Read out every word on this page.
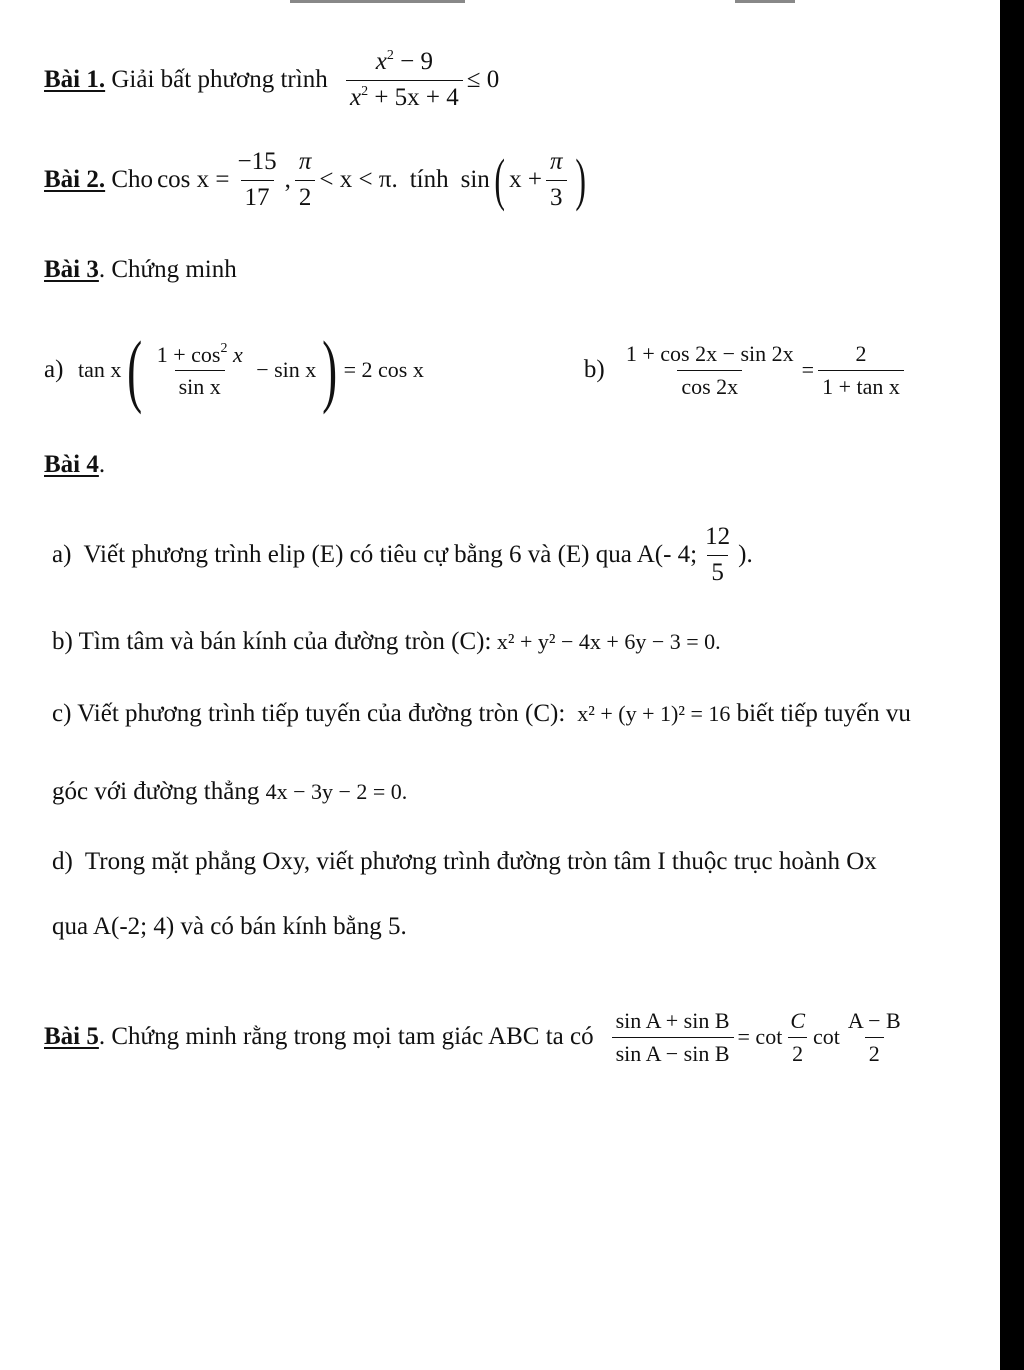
Bài 1. Giải bất phương trình $\frac{x^2 - 9}{x^2 + 5x + 4} \le 0$
Bài 2. Cho $\cos x = \frac{-15}{17}$ , $\frac{\pi}{2} < x < \pi$. tính sin ( $x + \frac{\pi}{3}$ )
Bài 3 . Chứng minh
a) tan x ( $\frac{1 + \cos^2 x}{\text{sin x}} - \sin x$ ) = 2 cos x	$b) \frac{1 + \cos 2x - \sin 2x}{\cos 2x} = \frac{2}{\text{1 + tan x}}$
Bài 4 .
a)  Viết phương trình elip (E) có tiêu cự bằng 6 và (E) qua A(- 4; $\frac{12}{5}$ ).
b) Tìm tâm và bán kính của đường tròn (C): x² + y² − 4x + 6y − 3 = 0.
c) Viết phương trình tiếp tuyến của đường tròn (C): x² + (y + 1)² = 16 biết tiếp tuyến vu
góc với đường thẳng 4x − 3y − 2 = 0.
d)  Trong mặt phẳng Oxy, viết phương trình đường tròn tâm I thuộc trục hoành Ox
qua A(-2; 4) và có bán kính bằng 5.
Bài 5 . Chứng minh rằng trong mọi tam giác ABC ta có $\frac{\text{sin A + sin B}}{\text{sin A − sin B}} = \cot \frac{C}{2}$ $\cot \frac{A - B}{2}$
